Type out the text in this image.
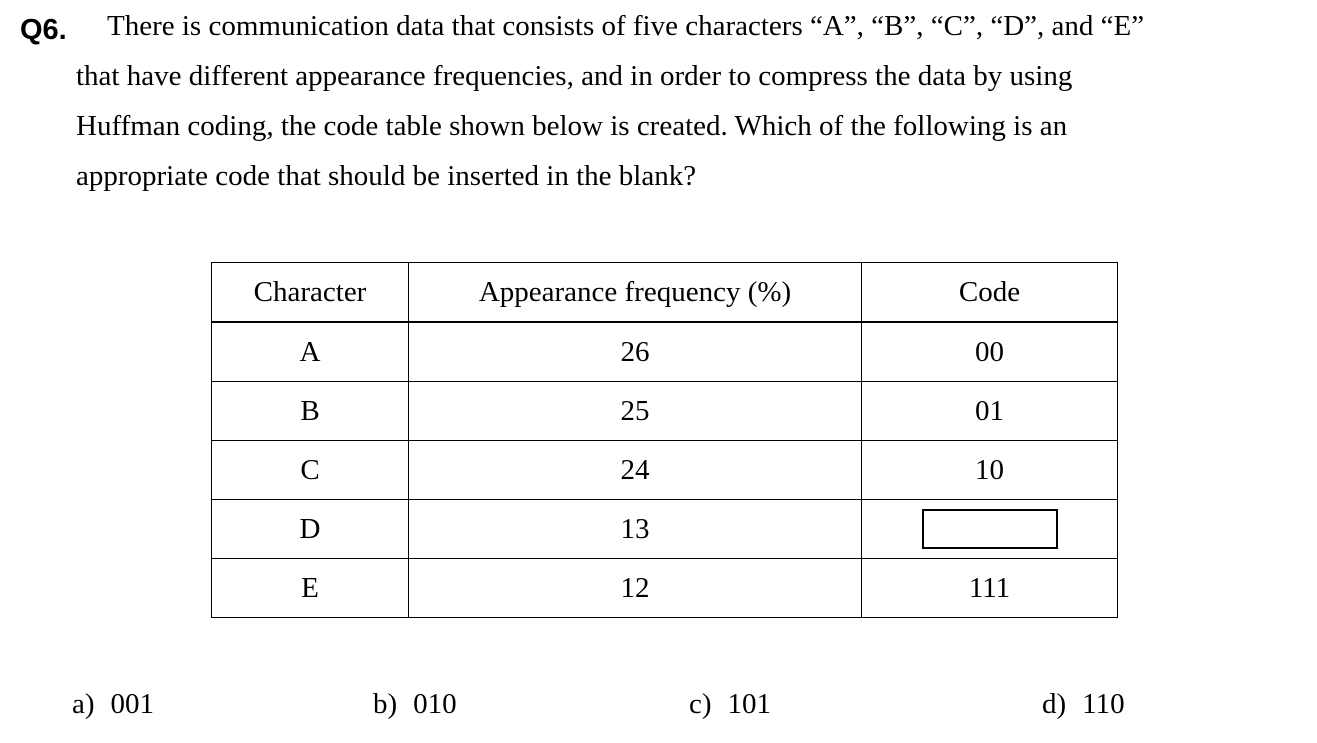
Q6. There is communication data that consists of five characters “A”, “B”, “C”, “D”, and “E”
that have different appearance frequencies, and in order to compress the data by using
Huffman coding, the code table shown below is created. Which of the following is an
appropriate code that should be inserted in the blank?
Character	Appearance frequency (%)	Code
A	26	00
B	25	01
C	24	10
D	13	
E	12	111
a) 001	b) 010	c) 101	d) 110
